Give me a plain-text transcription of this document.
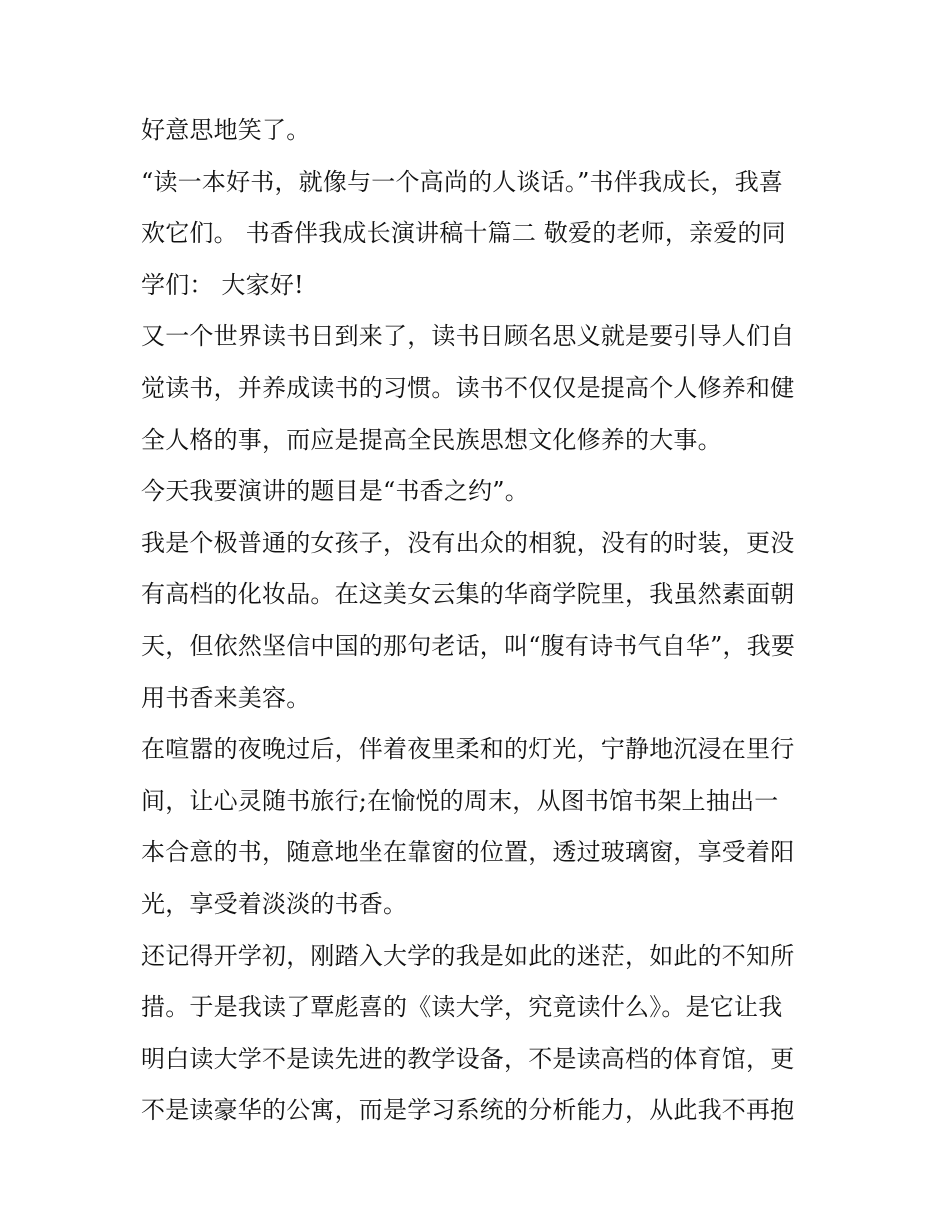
好意思地笑了。
“读一本好书，就像与一个高尚的人谈话。”书伴我成长，我喜
欢它们。 书香伴我成长演讲稿十篇二 敬爱的老师，亲爱的同
学们： 大家好!
又一个世界读书日到来了，读书日顾名思义就是要引导人们自
觉读书，并养成读书的习惯。读书不仅仅是提高个人修养和健
全人格的事，而应是提高全民族思想文化修养的大事。
今天我要演讲的题目是“书香之约”。
我是个极普通的女孩子，没有出众的相貌，没有的时装，更没
有高档的化妆品。在这美女云集的华商学院里，我虽然素面朝
天，但依然坚信中国的那句老话，叫“腹有诗书气自华”，我要
用书香来美容。
在喧嚣的夜晚过后，伴着夜里柔和的灯光，宁静地沉浸在里行
间，让心灵随书旅行;在愉悦的周末，从图书馆书架上抽出一
本合意的书，随意地坐在靠窗的位置，透过玻璃窗，享受着阳
光，享受着淡淡的书香。
还记得开学初，刚踏入大学的我是如此的迷茫，如此的不知所
措。于是我读了覃彪喜的《读大学，究竟读什么》。是它让我
明白读大学不是读先进的教学设备，不是读高档的体育馆，更
不是读豪华的公寓，而是学习系统的分析能力，从此我不再抱
